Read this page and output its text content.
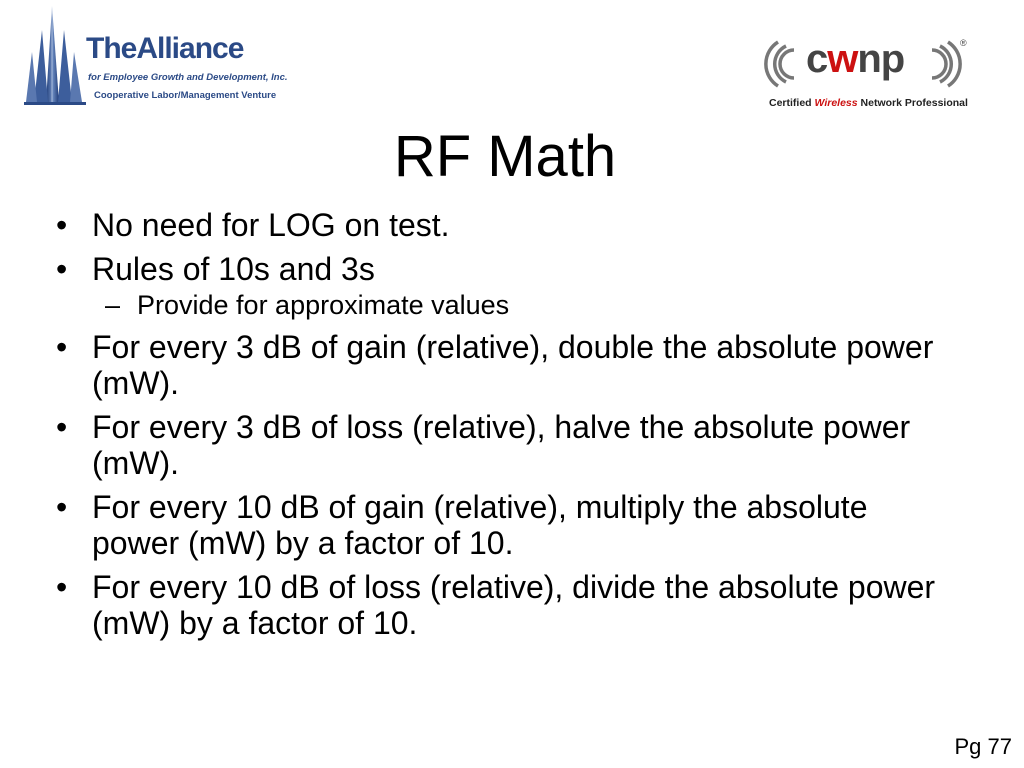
TheAlliance
for Employee Growth and Development, Inc.
Cooperative Labor/Management Venture
cwnp	®
Certified Wireless Network Professional
RF Math
• No need for LOG on test.
• Rules of 10s and 3s
– Provide for approximate values
• For every 3 dB of gain (relative), double the absolute power (mW).
• For every 3 dB of loss (relative), halve the absolute power (mW).
• For every 10 dB of gain (relative), multiply the absolute power (mW) by a factor of 10.
• For every 10 dB of loss (relative), divide the absolute power (mW) by a factor of 10.
Pg 77
